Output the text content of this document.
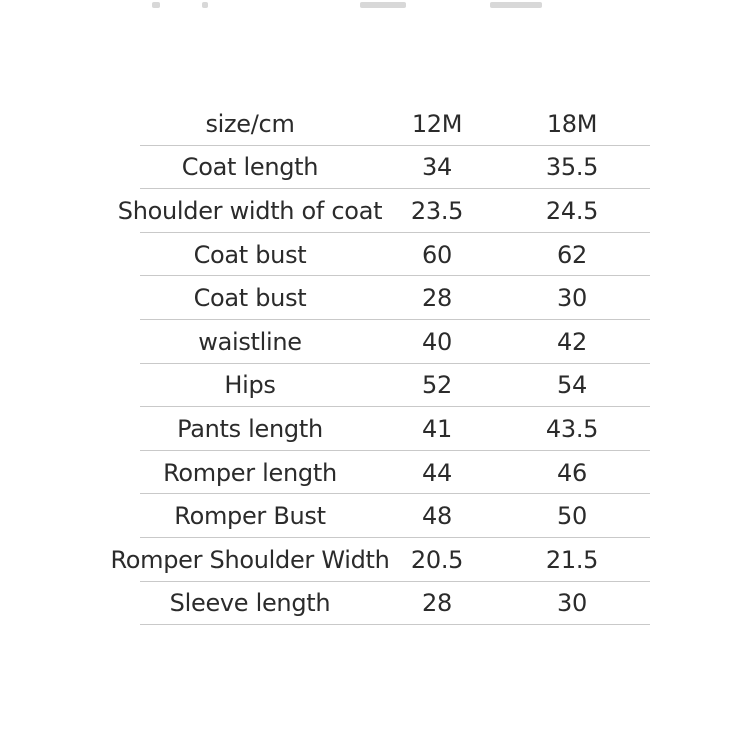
size/cm	12M	18M
Coat length	34	35.5
Shoulder width of coat	23.5	24.5
Coat bust	60	62
Coat bust	28	30
waistline	40	42
Hips	52	54
Pants length	41	43.5
Romper length	44	46
Romper Bust	48	50
Romper Shoulder Width 20.5	21.5
Sleeve length	28	30
